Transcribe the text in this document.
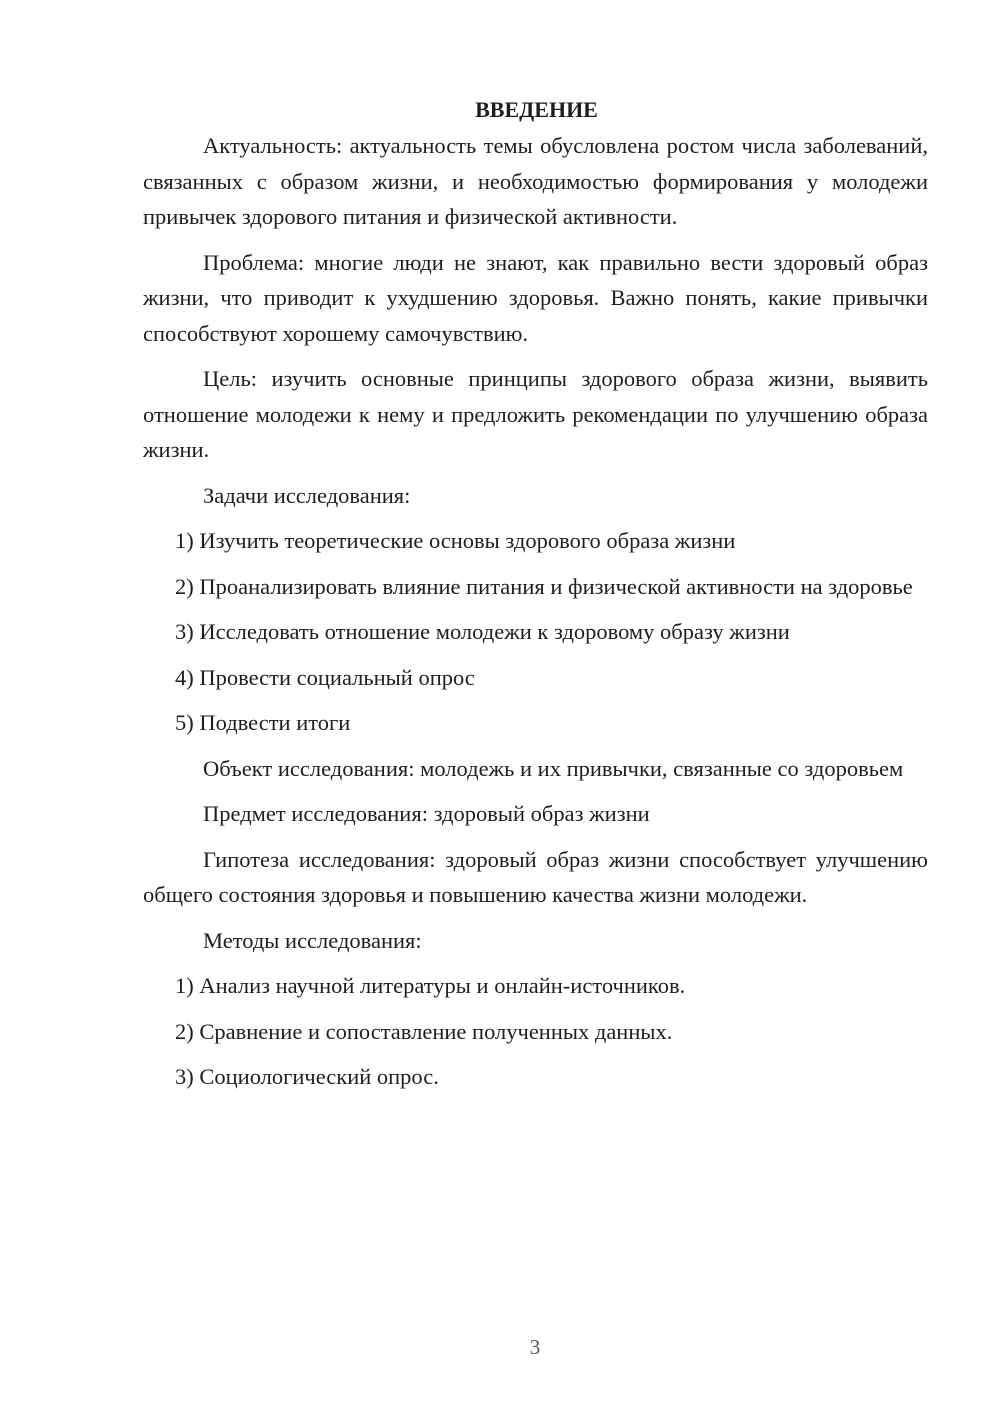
ВВЕДЕНИЕ

Актуальность: актуальность темы обусловлена ростом числа заболеваний, связанных с образом жизни, и необходимостью формирования у молодежи привычек здорового питания и физической активности.

Проблема: многие люди не знают, как правильно вести здоровый образ жизни, что приводит к ухудшению здоровья. Важно понять, какие привычки способствуют хорошему самочувствию.

Цель: изучить основные принципы здорового образа жизни, выявить отношение молодежи к нему и предложить рекомендации по улучшению образа жизни.

Задачи исследования:

1) Изучить теоретические основы здорового образа жизни

2) Проанализировать влияние питания и физической активности на здоровье

3) Исследовать отношение молодежи к здоровому образу жизни

4) Провести социальный опрос

5) Подвести итоги

Объект исследования: молодежь и их привычки, связанные со здоровьем

Предмет исследования: здоровый образ жизни

Гипотеза исследования: здоровый образ жизни способствует улучшению общего состояния здоровья и повышению качества жизни молодежи.

Методы исследования:

1) Анализ научной литературы и онлайн-источников.

2) Сравнение и сопоставление полученных данных.

3) Социологический опрос.

3
